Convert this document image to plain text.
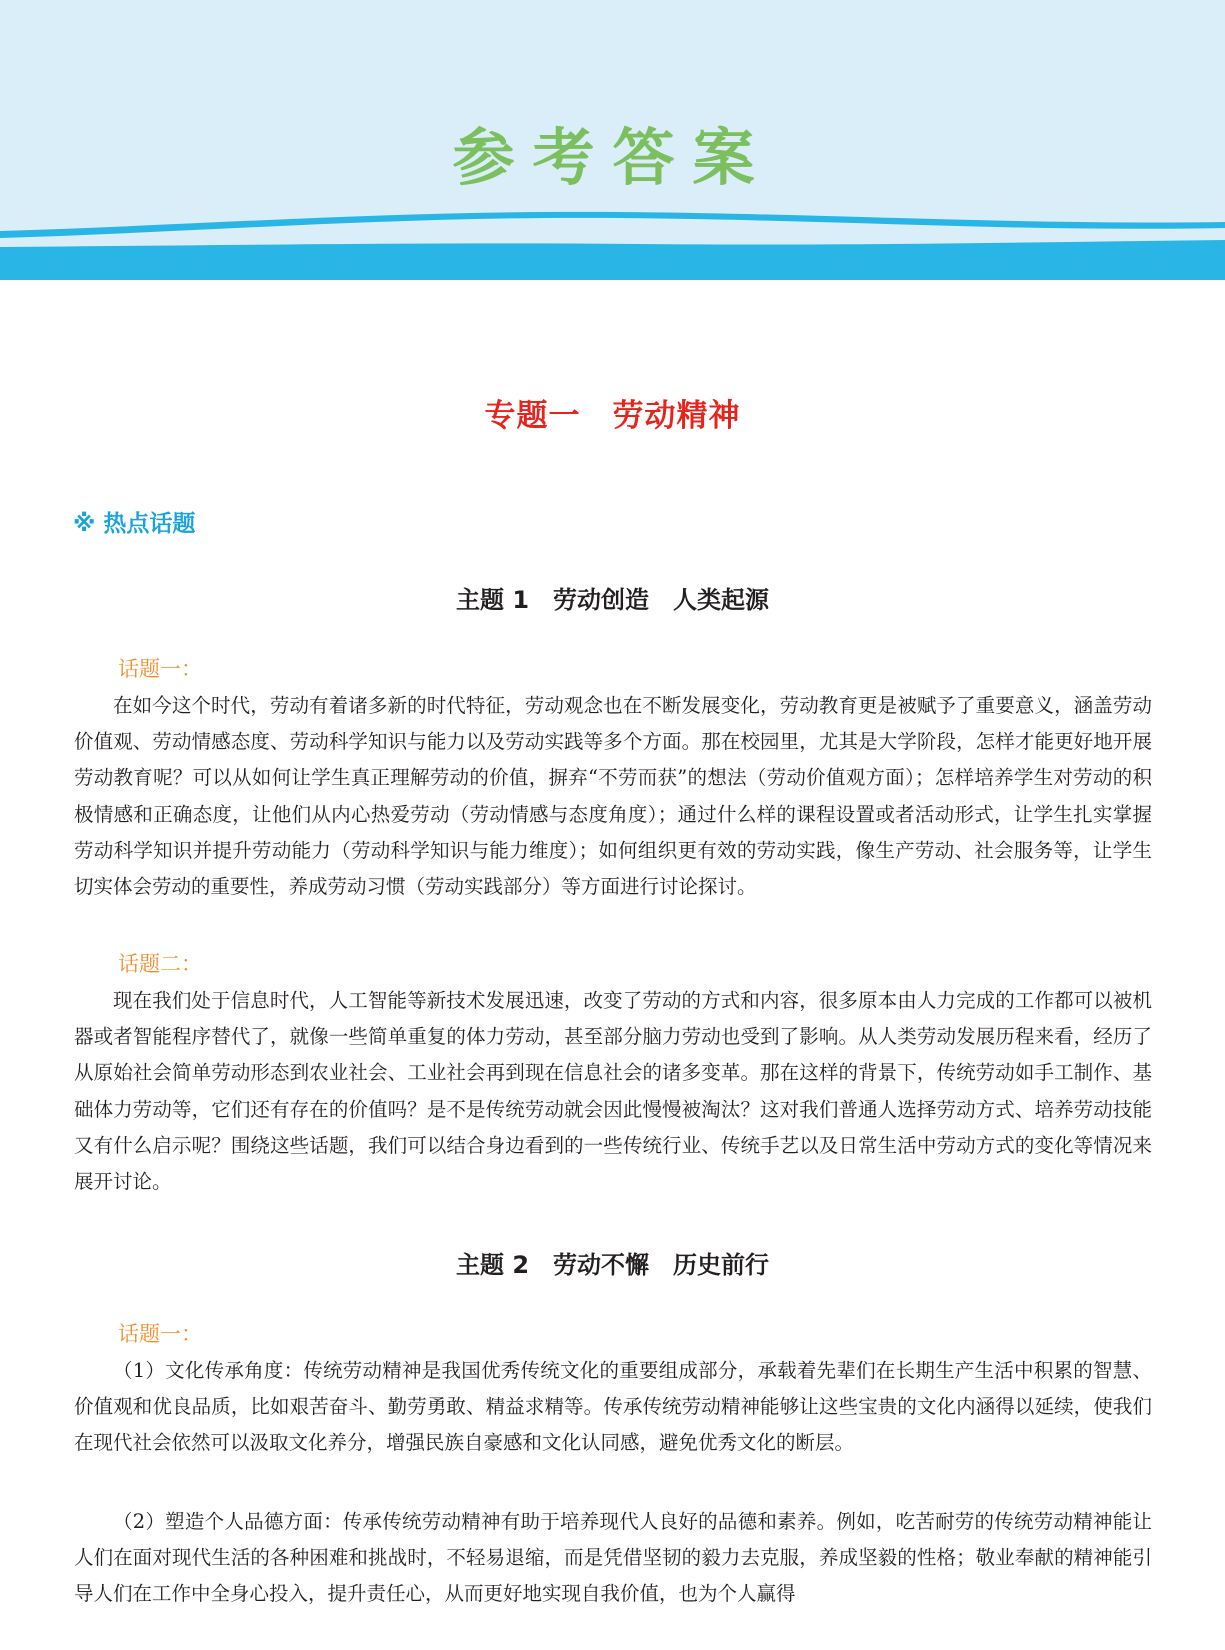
参考答案
专题一　劳动精神
※ 热点话题
主题 1　劳动创造　人类起源
话题一：

在如今这个时代，劳动有着诸多新的时代特征，劳动观念也在不断发展变化，劳动教育更是被赋予了重要意义，涵盖劳动价值观、劳动情感态度、劳动科学知识与能力以及劳动实践等多个方面。那在校园里，尤其是大学阶段，怎样才能更好地开展劳动教育呢？可以从如何让学生真正理解劳动的价值，摒弃“不劳而获”的想法（劳动价值观方面）；怎样培养学生对劳动的积极情感和正确态度，让他们从内心热爱劳动（劳动情感与态度角度）；通过什么样的课程设置或者活动形式，让学生扎实掌握劳动科学知识并提升劳动能力（劳动科学知识与能力维度）；如何组织更有效的劳动实践，像生产劳动、社会服务等，让学生切实体会劳动的重要性，养成劳动习惯（劳动实践部分）等方面进行讨论探讨。

话题二：

现在我们处于信息时代，人工智能等新技术发展迅速，改变了劳动的方式和内容，很多原本由人力完成的工作都可以被机器或者智能程序替代了，就像一些简单重复的体力劳动，甚至部分脑力劳动也受到了影响。从人类劳动发展历程来看，经历了从原始社会简单劳动形态到农业社会、工业社会再到现在信息社会的诸多变革。那在这样的背景下，传统劳动如手工制作、基础体力劳动等，它们还有存在的价值吗？是不是传统劳动就会因此慢慢被淘汰？这对我们普通人选择劳动方式、培养劳动技能又有什么启示呢？围绕这些话题，我们可以结合身边看到的一些传统行业、传统手艺以及日常生活中劳动方式的变化等情况来展开讨论。

主题 2　劳动不懈　历史前行
话题一：

（1）文化传承角度：传统劳动精神是我国优秀传统文化的重要组成部分，承载着先辈们在长期生产生活中积累的智慧、价值观和优良品质，比如艰苦奋斗、勤劳勇敢、精益求精等。传承传统劳动精神能够让这些宝贵的文化内涵得以延续，使我们在现代社会依然可以汲取文化养分，增强民族自豪感和文化认同感，避免优秀文化的断层。

（2）塑造个人品德方面：传承传统劳动精神有助于培养现代人良好的品德和素养。例如，吃苦耐劳的传统劳动精神能让人们在面对现代生活的各种困难和挑战时，不轻易退缩，而是凭借坚韧的毅力去克服，养成坚毅的性格；敬业奉献的精神能引导人们在工作中全身心投入，提升责任心，从而更好地实现自我价值，也为个人赢得
